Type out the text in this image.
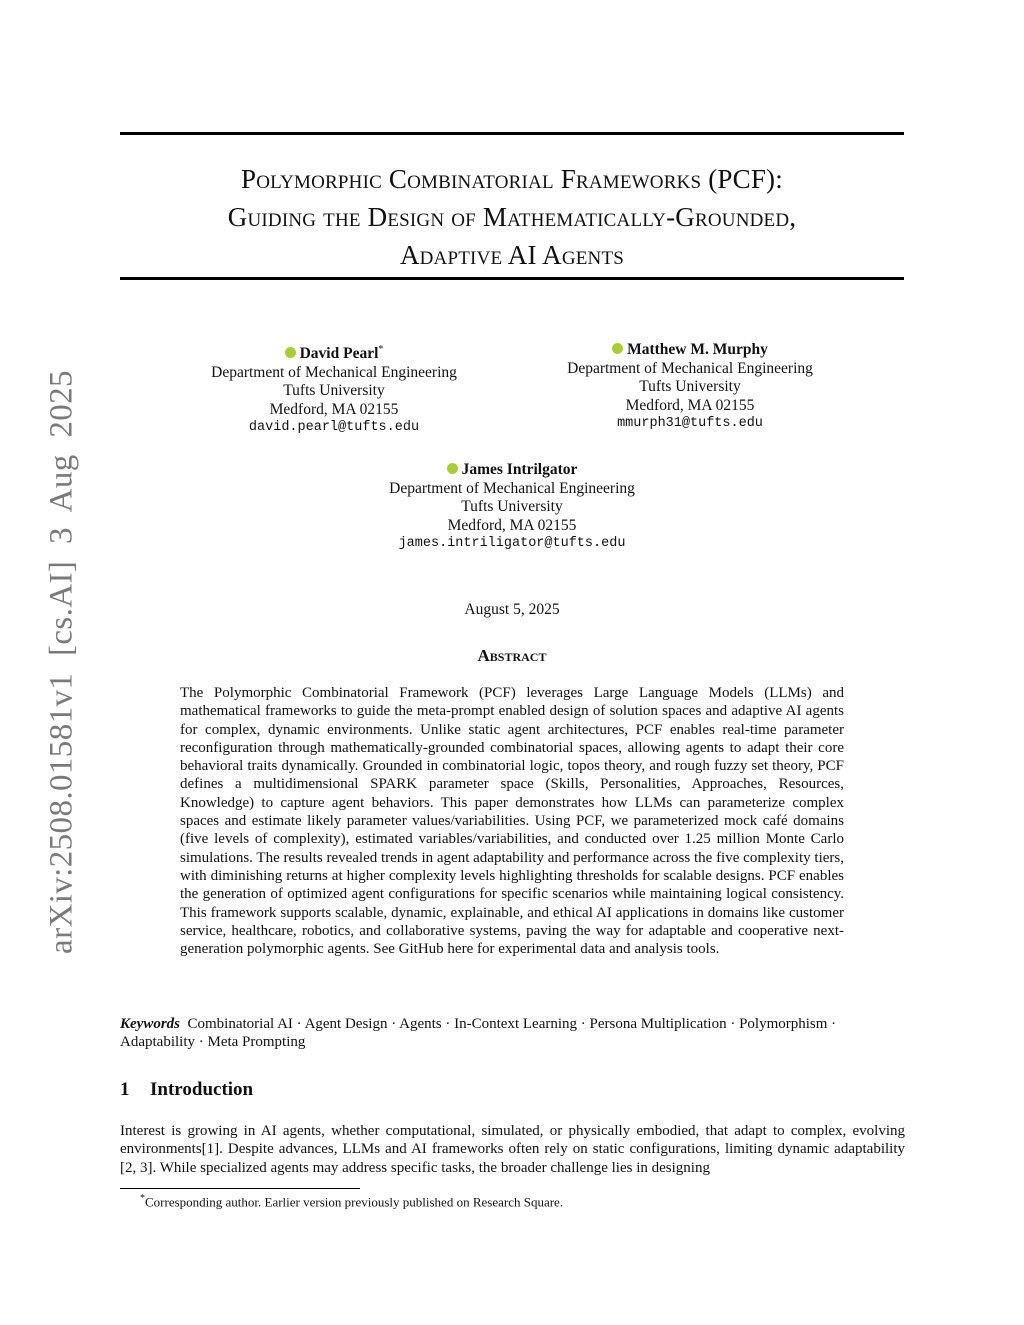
arXiv:2508.01581v1 [cs.AI] 3 Aug 2025
Polymorphic Combinatorial Frameworks (PCF):
Guiding the Design of Mathematically-Grounded,
Adaptive AI Agents
David Pearl*
Department of Mechanical Engineering
Tufts University
Medford, MA 02155
david.pearl@tufts.edu
Matthew M. Murphy
Department of Mechanical Engineering
Tufts University
Medford, MA 02155
mmurph31@tufts.edu
James Intrilgator
Department of Mechanical Engineering
Tufts University
Medford, MA 02155
james.intriligator@tufts.edu
August 5, 2025
Abstract
The Polymorphic Combinatorial Framework (PCF) leverages Large Language Models (LLMs) and mathematical frameworks to guide the meta-prompt enabled design of solution spaces and adaptive AI agents for complex, dynamic environments. Unlike static agent architectures, PCF enables real-time parameter reconfiguration through mathematically-grounded combinatorial spaces, allowing agents to adapt their core behavioral traits dynamically. Grounded in combinatorial logic, topos theory, and rough fuzzy set theory, PCF defines a multidimensional SPARK parameter space (Skills, Personalities, Approaches, Resources, Knowledge) to capture agent behaviors. This paper demonstrates how LLMs can parameterize complex spaces and estimate likely parameter values/variabilities. Using PCF, we parameterized mock café domains (five levels of complexity), estimated variables/variabilities, and conducted over 1.25 million Monte Carlo simulations. The results revealed trends in agent adaptability and performance across the five complexity tiers, with diminishing returns at higher complexity levels highlighting thresholds for scalable designs. PCF enables the generation of optimized agent configurations for specific scenarios while maintaining logical consistency. This framework supports scalable, dynamic, explainable, and ethical AI applications in domains like customer service, healthcare, robotics, and collaborative systems, paving the way for adaptable and cooperative next-generation polymorphic agents. See GitHub here for experimental data and analysis tools.
Keywords Combinatorial AI · Agent Design · Agents · In-Context Learning · Persona Multiplication · Polymorphism · Adaptability · Meta Prompting
1 Introduction
Interest is growing in AI agents, whether computational, simulated, or physically embodied, that adapt to complex, evolving environments[1]. Despite advances, LLMs and AI frameworks often rely on static configurations, limiting dynamic adaptability [2, 3]. While specialized agents may address specific tasks, the broader challenge lies in designing
*Corresponding author. Earlier version previously published on Research Square.
